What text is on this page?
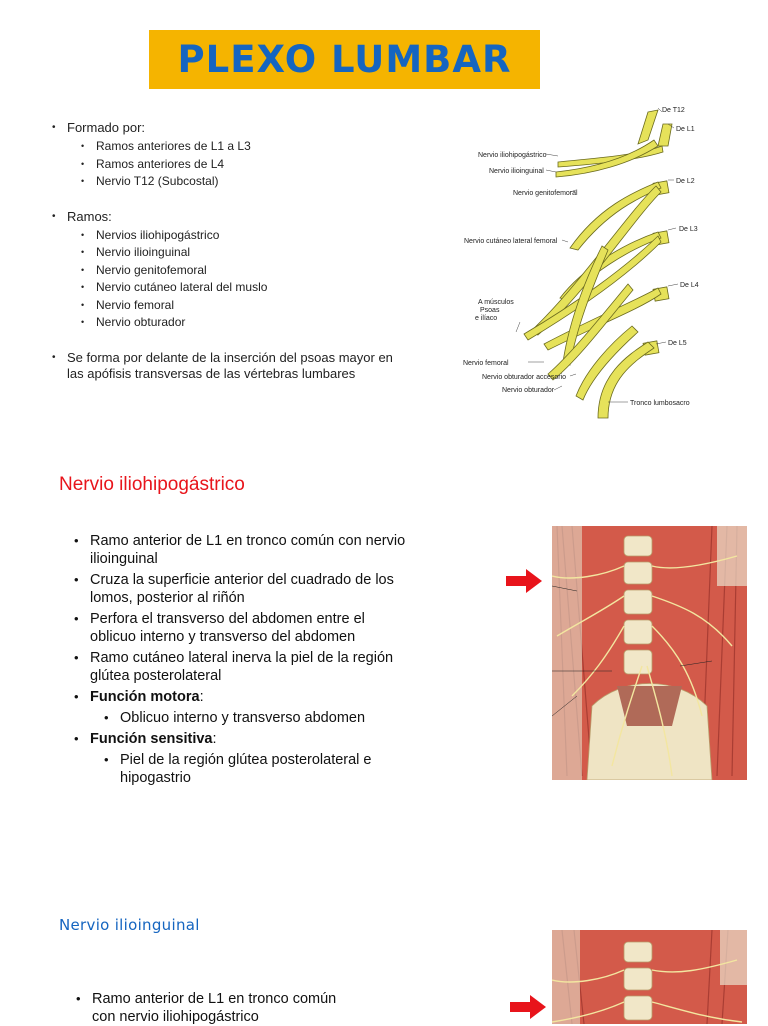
PLEXO LUMBAR
• Formado por:
• Ramos anteriores de L1 a L3
• Ramos anteriores de L4
• Nervio T12 (Subcostal)
• Ramos:
• Nervios iliohipogástrico
• Nervio ilioinguinal
• Nervio genitofemoral
• Nervio cutáneo lateral del muslo
• Nervio femoral
• Nervio obturador
• Se forma por delante de la inserción del psoas mayor en
las apófisis transversas de las vértebras lumbares
De T12
De L1
De L2
De L3
De L4
De L5
Nervio iliohipogástrico
Nervio ilioinguinal
Nervio genitofemoral
Nervio cutáneo lateral femoral
Nervio femoral
Nervio obturador accesorio
Nervio obturador
Tronco lumbosacro
A músculos
Psoas
e ilíaco
Nervio iliohipogástrico
• Ramo anterior de L1 en tronco común con nervio
ilioinguinal
• Cruza la superficie anterior del cuadrado de los
lomos, posterior al riñón
• Perfora el transverso del abdomen entre el
oblicuo interno y transverso del abdomen
• Ramo cutáneo lateral inerva la piel de la región
glútea posterolateral
• Función motora:
• Oblicuo interno y transverso abdomen
• Función sensitiva:
• Piel de la región glútea posterolateral e
hipogastrio
Nervio ilioinguinal
• Ramo anterior de L1 en tronco común
con nervio iliohipogástrico
